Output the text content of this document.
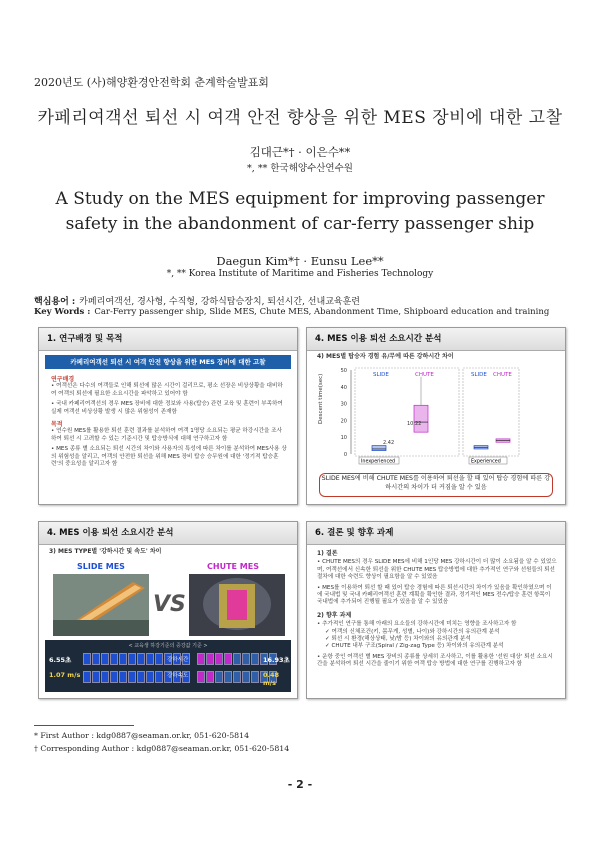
2020년도 (사)해양환경안전학회 춘계학술발표회
카페리여객선 퇴선 시 여객 안전 향상을 위한 MES 장비에 대한 고찰
김대근*† · 이은수**
*, ** 한국해양수산연수원
A Study on the MES equipment for improving passenger safety in the abandonment of car-ferry passenger ship
Daegun Kim*† · Eunsu Lee**
*, ** Korea Institute of Maritime and Fisheries Technology
핵심용어 : 카페리여객선, 경사형, 수직형, 강하식탑승장치, 퇴선시간, 선내교육훈련
Key Words : Car-Ferry passenger ship, Slide MES, Chute MES, Abandonment Time, Shipboard education and training
1. 연구배경 및 목적
카페리여객선 퇴선 시 여객 안전 향상을 위한 MES 장비에 대한 고찰
연구배경
• 여객선은 다수의 여객들로 인해 퇴선에 많은 시간이 걸리므로, 평소 선장은 비상상황을 대비하여 여객의 퇴선에 필요한 소요시간을 파악하고 있어야 함
• 국내 카페리여객선의 경우 MES 장비에 대한 정보와 사용(탑승) 관련 교육 및 훈련이 부족하여 실제 여객선 비상상황 발생 시 많은 위험성이 존재함
목적
• 연수원 MES를 활용한 퇴선 훈련 결과를 분석하여 여객 1명당 소요되는 평균 하강시간을 조사하여 퇴선 시 고려할 수 있는 기준시간 및 탑승방식에 대해 연구하고자 함
• MES 종류 별 소요되는 퇴선 시간의 차이와 사용자의 특성에 따른 차이를 분석하여 MES사용 상의 위험성을 알리고, 여객의 안전한 퇴선을 위해 MES 장비 탑승 승무원에 대한 '정기적 탑승훈련'의 중요성을 알리고자 함
4. MES 이용 퇴선 소요시간 분석
4) MES별 탑승자 경험 유/무에 따른 강하시간 차이
Descent time(sec)
0
10
20
30
40
50
SLIDE	CHUTE	SLIDE CHUTE
10.22
2.42
Inexperienced	Experienced
SLIDE MES에 비해 CHUTE MES를 이용하여 퇴선을 할 때 있어 탑승 경험에 따른 강하시간의 차이가 더 커짐을 알 수 있음
4. MES 이용 퇴선 소요시간 분석
3) MES TYPE별 '강하시간 및 속도' 차이
SLIDE MES	CHUTE MES
VS
< 교육생 하강기준의 증강값 기준 >
6.55초
1.07 m/s
강하시간
강하속도
16.93초
0.48 m/s
6. 결론 및 향후 과제
1) 결론
• CHUTE MES의 경우 SLIDE MES에 비해 1인당 MES 강하시간이 더 많이 소요됨을 알 수 있었으며, 여객선에서 신속한 퇴선을 위한 CHUTE MES 탑승방법에 대한 추가적인 연구와 선원들의 퇴선 절차에 대한 숙련도 향상이 필요함을 알 수 있었음
• MES를 이용하여 퇴선 할 때 있어 탑승 경험에 따른 퇴선시간의 차이가 있음을 확인하였으며 이에 국내법 및 국내 카페리여객선 훈련 계획을 확인한 결과, 정기적인 MES 전수/탑승 훈련 항목이 국내법에 추가되어 진행될 필요가 있음을 알 수 있었음
2) 향후 과제
• 추가적인 연구를 통해 아래의 요소들의 강하시간에 미치는 영향을 조사하고자 함
✓ 여객의 신체조건(키, 몸무게, 성별, 나이)와 강하시간의 유의관계 분석
✓ 퇴선 시 환경(해상상태, 낮/밤 등) 차이와의 유의관계 분석
✓ CHUTE 내부 구조(Spiral / Zig-zag Type 등) 차이와의 유의관계 분석
• 운항 중인 여객선 별 MES 장비의 종류를 상세히 조사하고, 이를 활용한 '선원 대상' 퇴선 소요시간을 분석하여 퇴선 시간을 줄이기 위한 여객 탑승 방법에 대한 연구를 진행하고자 함
* First Author : kdg0887@seaman.or.kr, 051-620-5814
† Corresponding Author : kdg0887@seaman.or.kr, 051-620-5814
- 2 -
